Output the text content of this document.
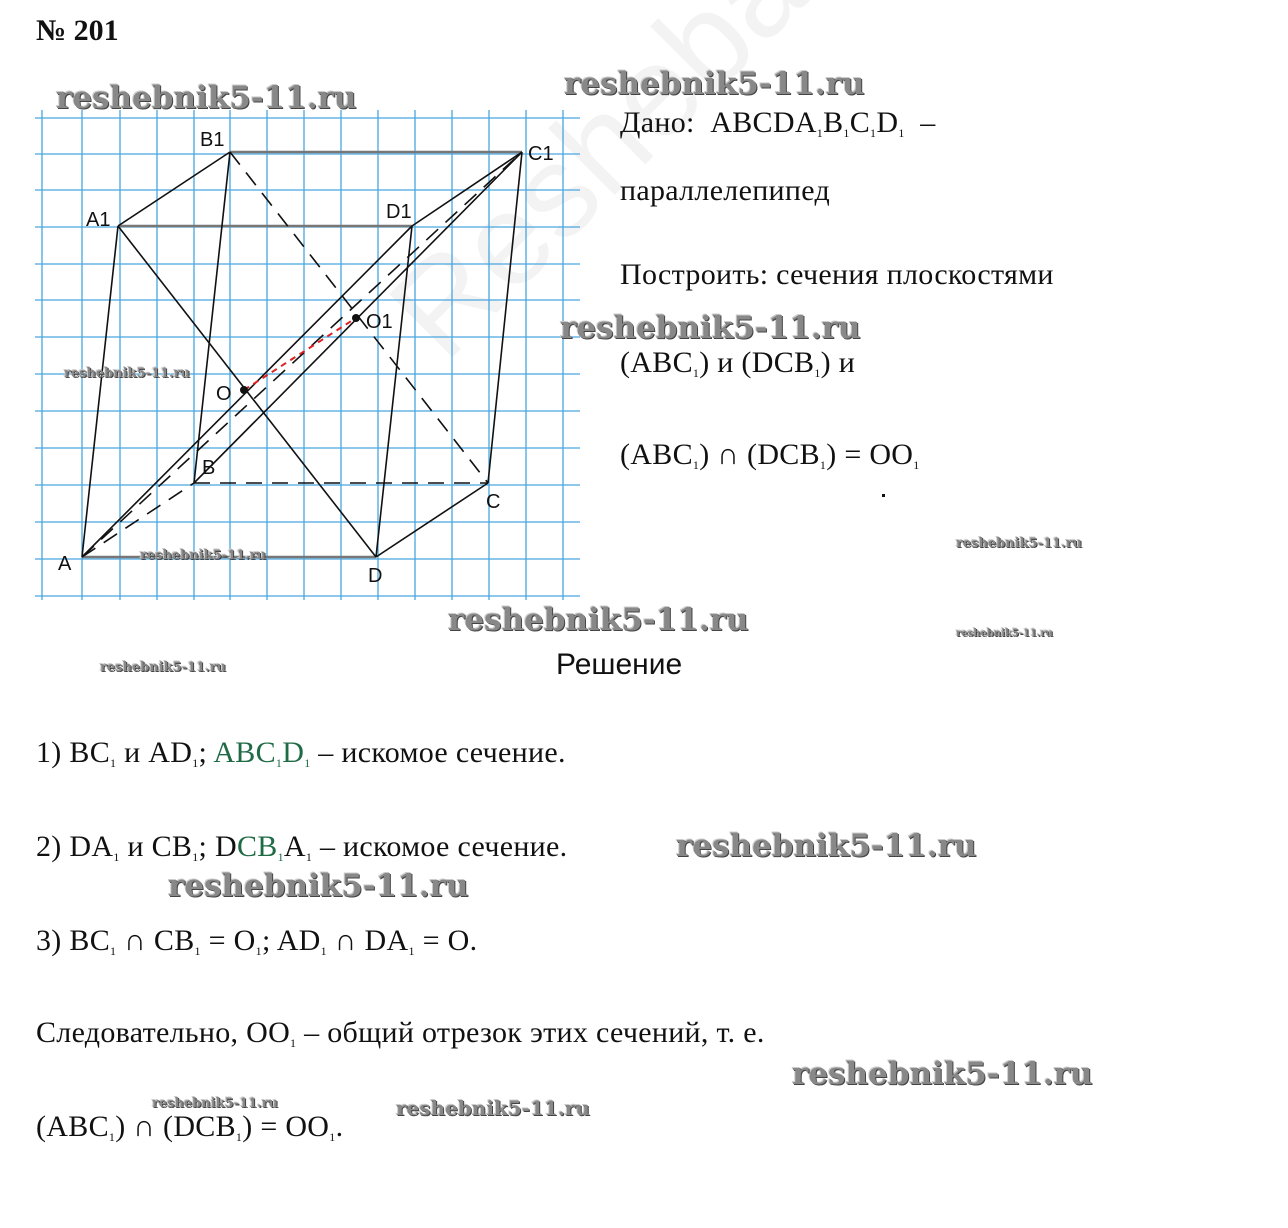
№ 201
A
B
C
D
A1
B1
C1
D1
O
O1
Дано: $ABCDA_1B_1C_1D_1$ –
параллелепипед
Построить: сечения плоскостями
$(ABC_1)$ и $(DCB_1)$ и
$(ABC_1)$ ∩ $(DCB_1) = OO_1$
Решение
1) $BC_1$ и $AD_1$; $ABC_1D_1$ – искомое сечение.
2) $DA_1$ и $CB_1$; $DCB_1A_1$ – искомое сечение.
3) $BC_1$ ∩ $CB_1 = O_1$; $AD_1$ ∩ $DA_1 = O$.
Следовательно, $OO_1$ – общий отрезок этих сечений, т. е.
$(ABC_1)$ ∩ $(DCB_1) = OO_1$.
reshebnik5-11.ru	reshebnik5-11.ru
reshebnik5-11.ru
reshebnik5-11.ru
reshebnik5-11.ru
reshebnik5-11.ru
reshebnik5-11.ru
reshebnik5-11.ru
reshebnik5-11.ru
reshebnik5-11.ru
reshebnik5-11.ru
reshebnik5-11.ru
reshebnik5-11.ru	reshebnik5-11.ru
